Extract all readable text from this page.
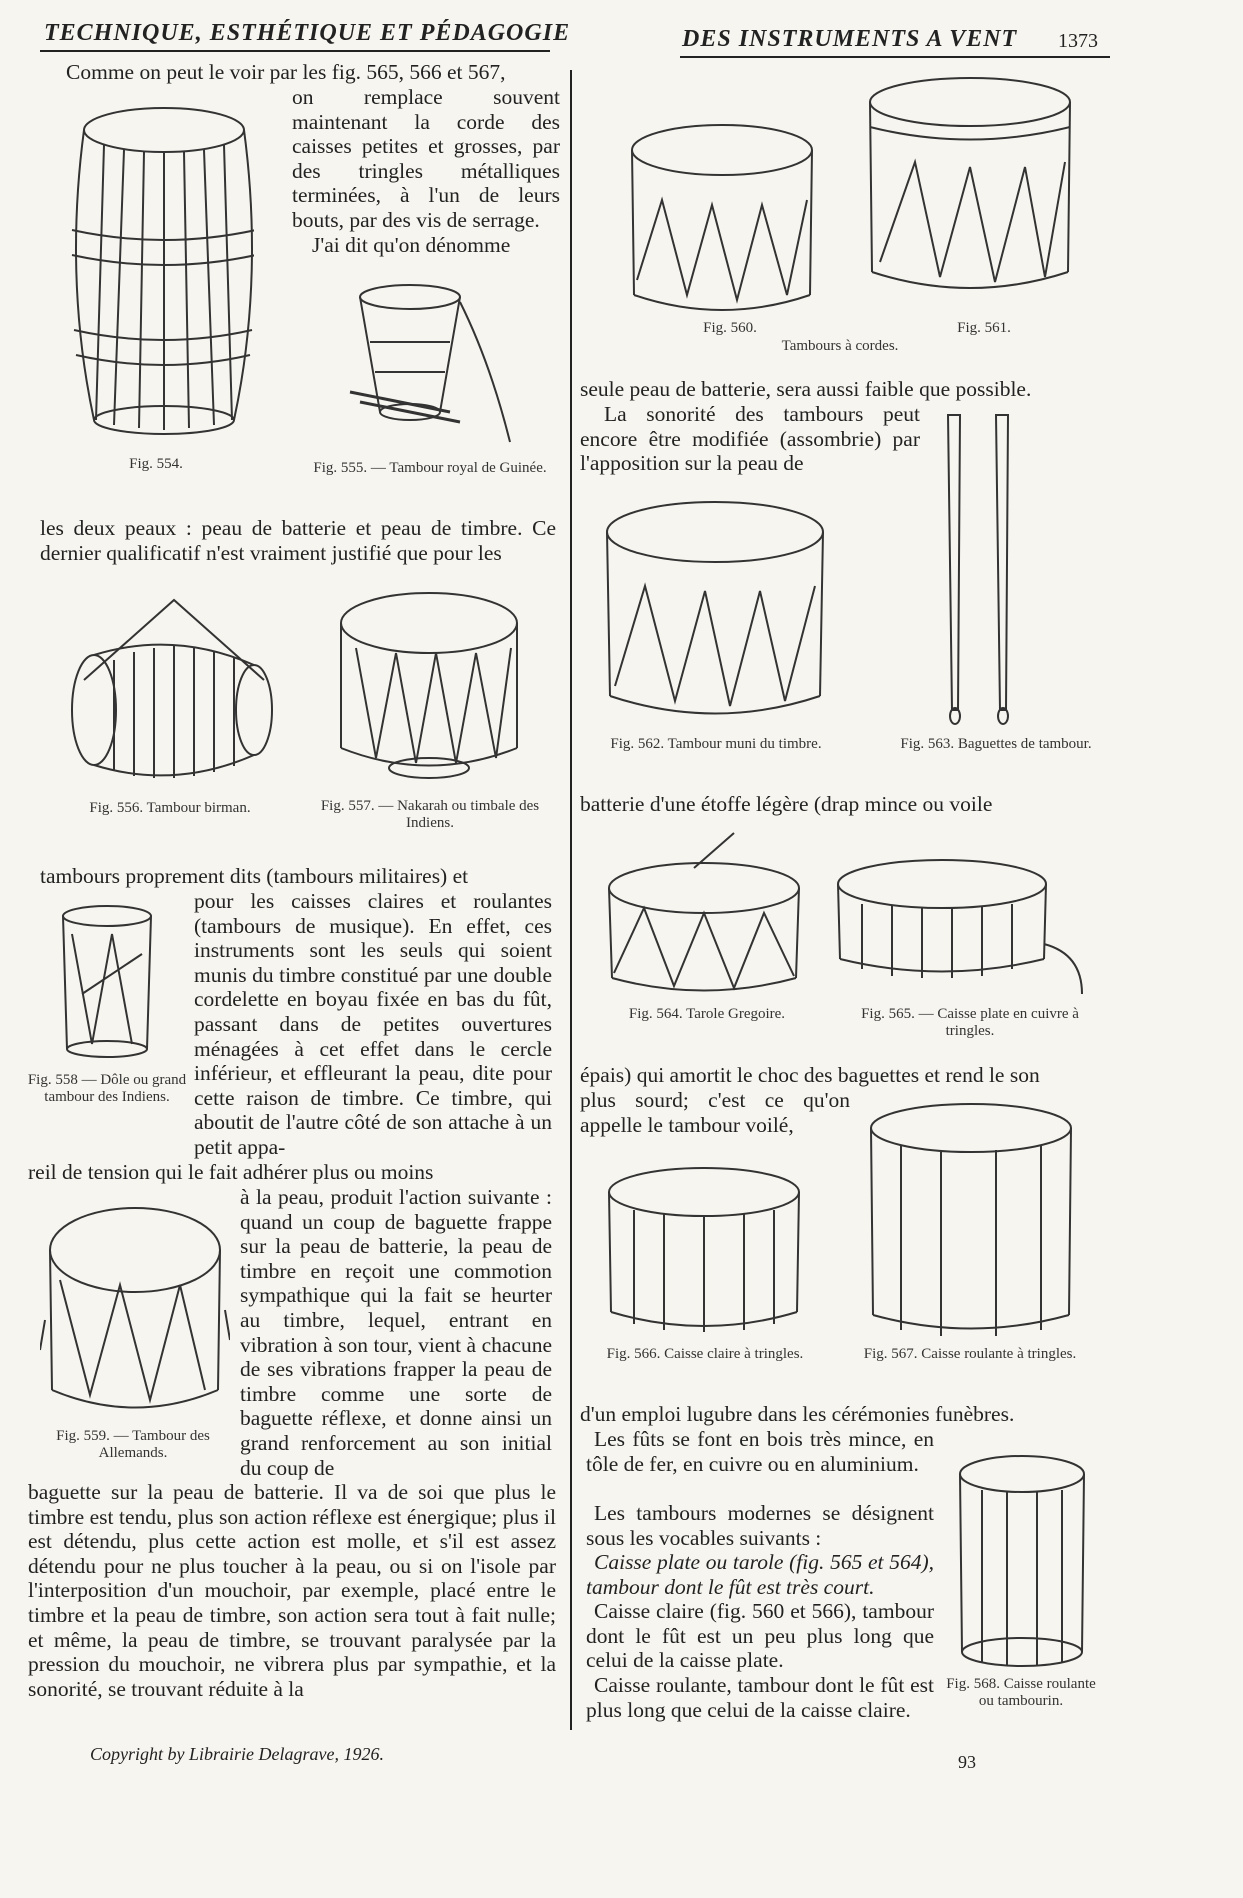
TECHNIQUE, ESTHÉTIQUE ET PÉDAGOGIE	DES INSTRUMENTS A VENT 1373
Comme on peut le voir par les fig. 565, 566 et 567,
on remplace souvent maintenant la corde des caisses petites et grosses, par des tringles métalliques terminées, à l'un de leurs bouts, par des vis de serrage.
J'ai dit qu'on dénomme
Fig. 554.	Fig. 555. — Tambour royal de Guinée.
les deux peaux : peau de batterie et peau de timbre. Ce dernier qualificatif n'est vraiment justifié que pour les
Fig. 556. Tambour birman.	Fig. 557. — Nakarah ou timbale des Indiens.
tambours proprement dits (tambours militaires) et
pour les caisses claires et roulantes (tambours de musique). En effet, ces instruments sont les seuls qui soient munis du timbre constitué par une double cordelette en boyau fixée en bas du fût, passant dans de petites ouvertures ménagées à cet effet dans le cercle inférieur, et effleurant la peau, dite pour cette raison de timbre. Ce timbre, qui aboutit de l'autre côté de son attache à un petit appa-
Fig. 558 — Dôle ou grand tambour des Indiens.
reil de tension qui le fait adhérer plus ou moins
à la peau, produit l'action suivante : quand un coup de baguette frappe sur la peau de batterie, la peau de timbre en reçoit une commotion sympathique qui la fait se heurter au timbre, lequel, entrant en vibration à son tour, vient à chacune de ses vibrations frapper la peau de timbre comme une sorte de baguette réflexe, et donne ainsi un grand renforcement au son initial du coup de
Fig. 559. — Tambour des Allemands.
baguette sur la peau de batterie. Il va de soi que plus le timbre est tendu, plus son action réflexe est énergique; plus il est détendu, plus cette action est molle, et s'il est assez détendu pour ne plus toucher à la peau, ou si on l'isole par l'interposition d'un mouchoir, par exemple, placé entre le timbre et la peau de timbre, son action sera tout à fait nulle; et même, la peau de timbre, se trouvant paralysée par la pression du mouchoir, ne vibrera plus par sympathie, et la sonorité, se trouvant réduite à la
Fig. 560.	Fig. 561.
Tambours à cordes.
seule peau de batterie, sera aussi faible que possible.
La sonorité des tambours peut encore être modifiée (assombrie) par l'apposition sur la peau de
Fig. 562. Tambour muni du timbre.	Fig. 563. Baguettes de tambour.
batterie d'une étoffe légère (drap mince ou voile
Fig. 564. Tarole Gregoire.	Fig. 565. — Caisse plate en cuivre à tringles.
épais) qui amortit le choc des baguettes et rend le son
plus sourd; c'est ce qu'on appelle le tambour voilé,
Fig. 566. Caisse claire à tringles.	Fig. 567. Caisse roulante à tringles.
d'un emploi lugubre dans les cérémonies funèbres.
Les fûts se font en bois très mince, en tôle de fer, en cuivre ou en aluminium.
Les tambours modernes se désignent sous les vocables suivants :
Caisse plate ou tarole (fig. 565 et 564), tambour dont le fût est très court.
Caisse claire (fig. 560 et 566), tambour dont le fût est un peu plus long que celui de la caisse plate.
Caisse roulante, tambour dont le fût est plus long que celui de la caisse claire.
Fig. 568. Caisse roulante ou tambourin.
Copyright by Librairie Delagrave, 1926.	93
